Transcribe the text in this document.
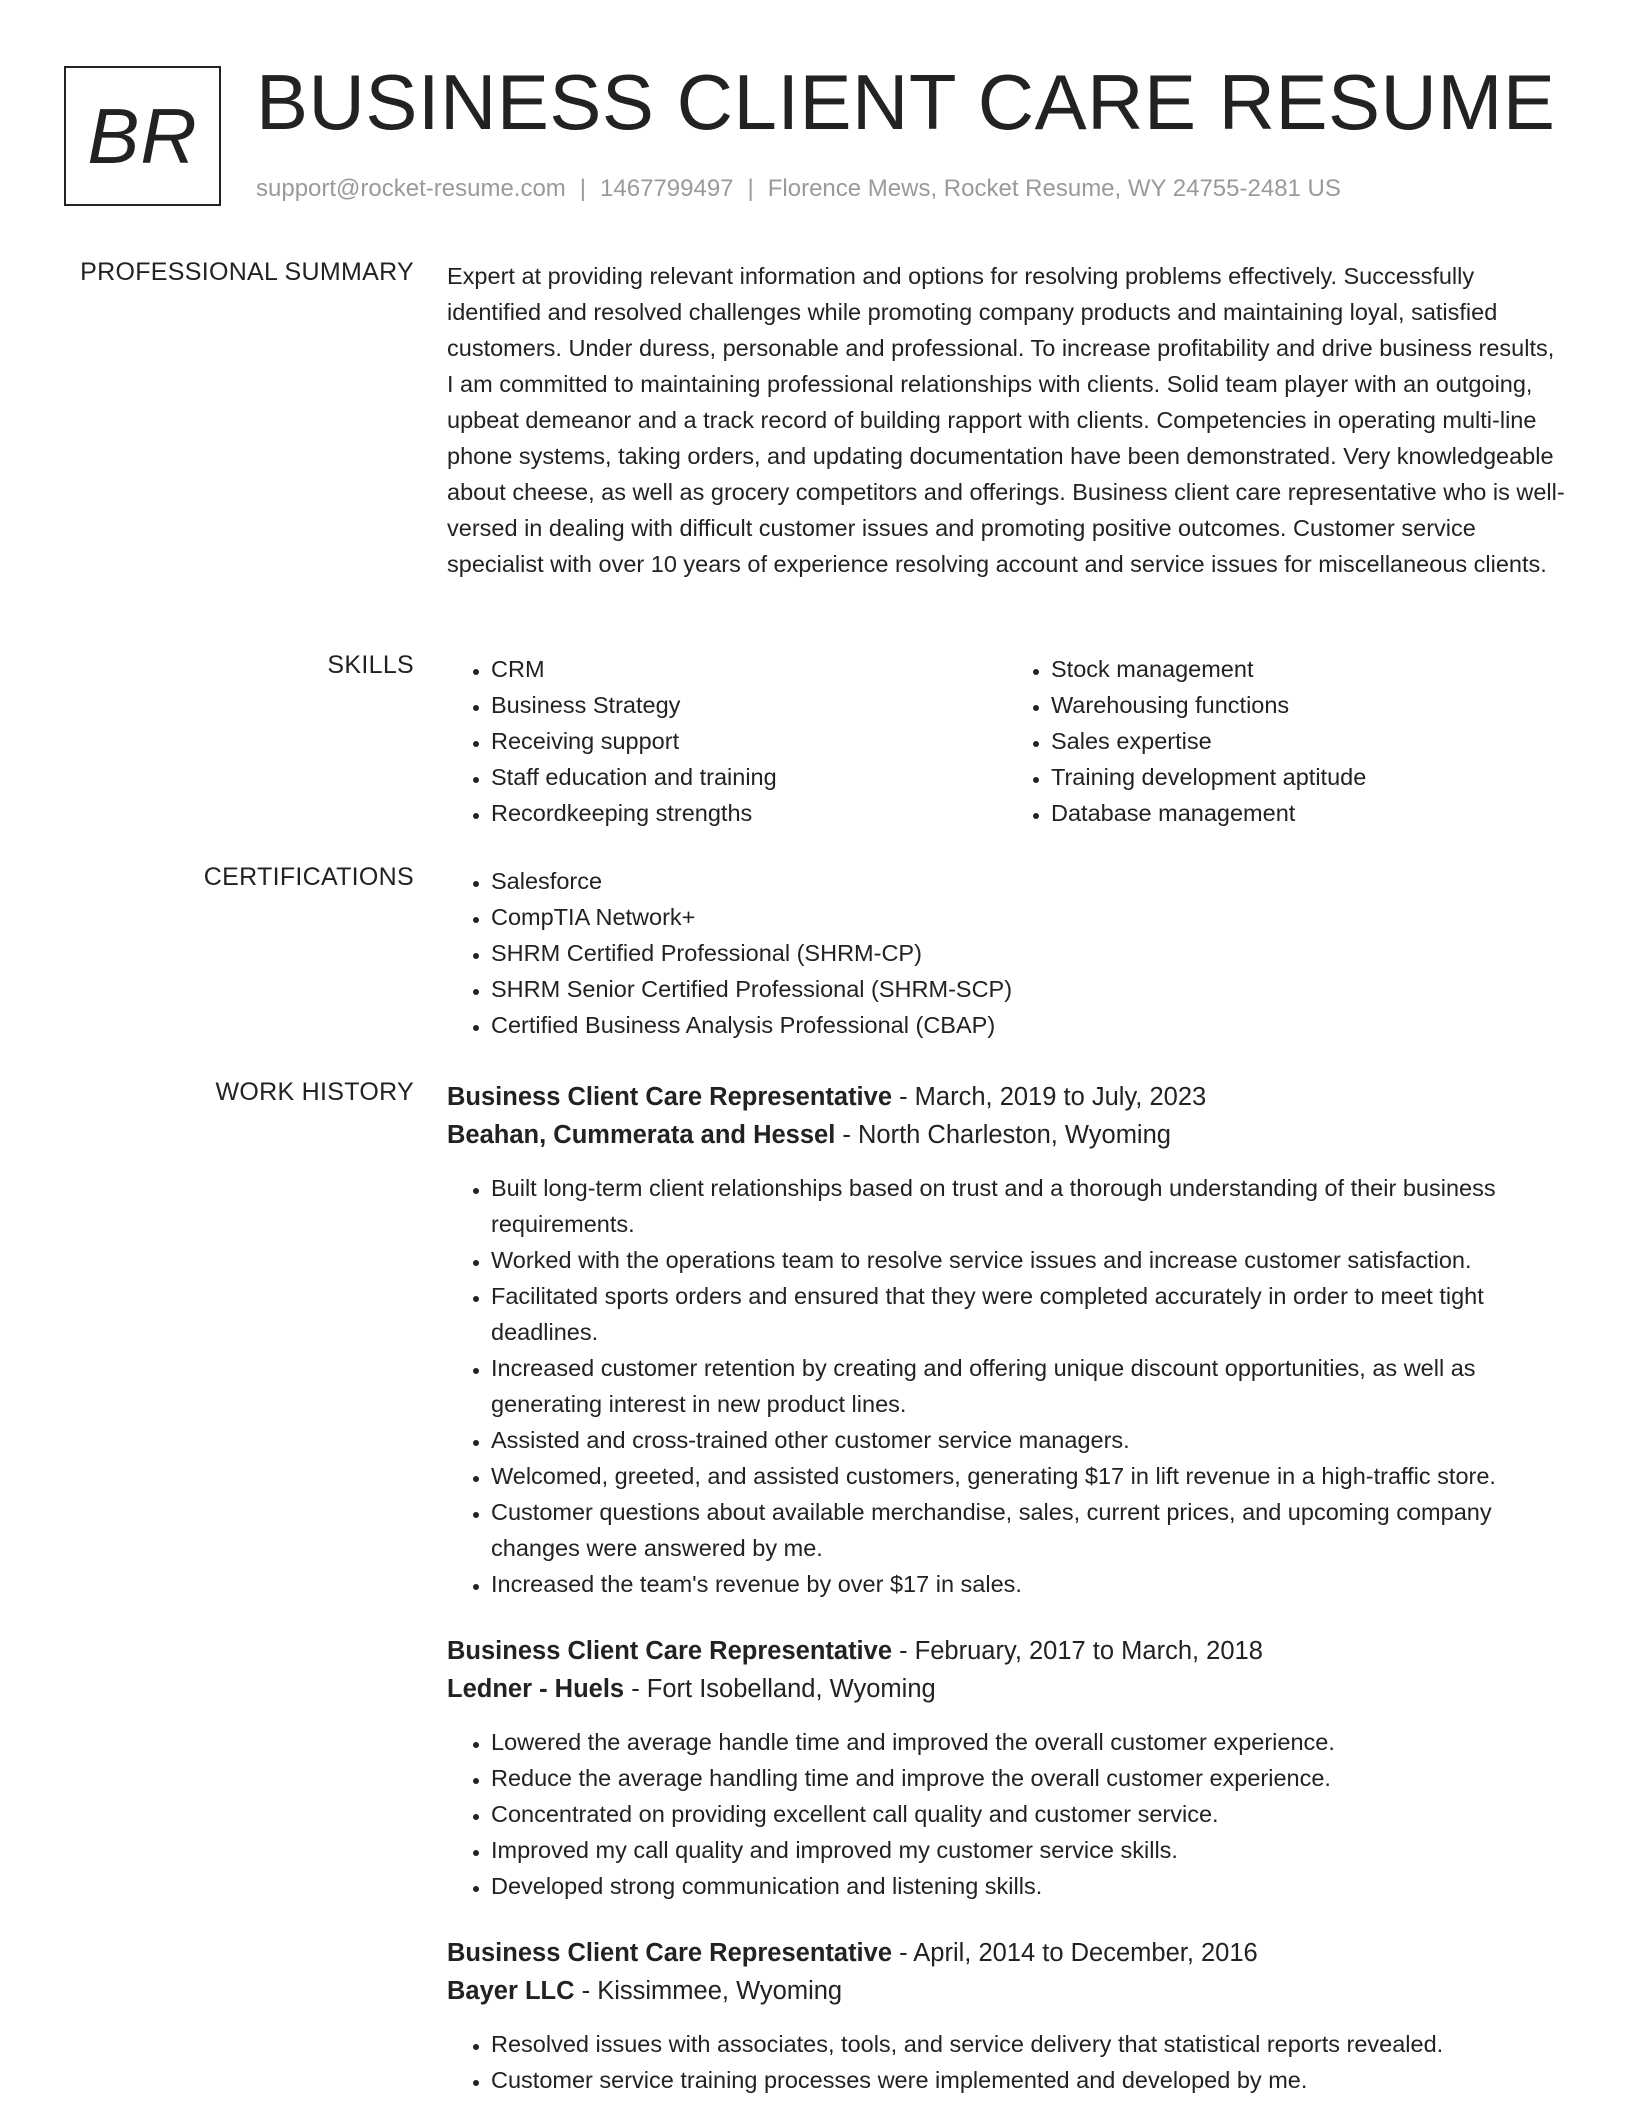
BR BUSINESS CLIENT CARE RESUME
support@rocket-resume.com | 1467799497 | Florence Mews, Rocket Resume, WY 24755-2481 US
PROFESSIONAL SUMMARY Expert at providing relevant information and options for resolving problems effectively. Successfully identified and resolved challenges while promoting company products and maintaining loyal, satisfied customers. Under duress, personable and professional. To increase profitability and drive business results, I am committed to maintaining professional relationships with clients. Solid team player with an outgoing, upbeat demeanor and a track record of building rapport with clients. Competencies in operating multi-line phone systems, taking orders, and updating documentation have been demonstrated. Very knowledgeable about cheese, as well as grocery competitors and offerings. Business client care representative who is well-versed in dealing with difficult customer issues and promoting positive outcomes. Customer service specialist with over 10 years of experience resolving account and service issues for miscellaneous clients.

SKILLS	• CRM
• Business Strategy
• Receiving support
• Staff education and training
• Recordkeeping strengths
• Stock management
• Warehousing functions
• Sales expertise
• Training development aptitude
• Database management
CERTIFICATIONS	• Salesforce
• CompTIA Network+
• SHRM Certified Professional (SHRM-CP)
• SHRM Senior Certified Professional (SHRM-SCP)
• Certified Business Analysis Professional (CBAP)
WORK HISTORY Business Client Care Representative - March, 2019 to July, 2023
Beahan, Cummerata and Hessel - North Charleston, Wyoming
• Built long-term client relationships based on trust and a thorough understanding of their business requirements.
• Worked with the operations team to resolve service issues and increase customer satisfaction.
• Facilitated sports orders and ensured that they were completed accurately in order to meet tight deadlines.
• Increased customer retention by creating and offering unique discount opportunities, as well as generating interest in new product lines.
• Assisted and cross-trained other customer service managers.
• Welcomed, greeted, and assisted customers, generating $17 in lift revenue in a high-traffic store.
• Customer questions about available merchandise, sales, current prices, and upcoming company changes were answered by me.
• Increased the team's revenue by over $17 in sales.
Business Client Care Representative - February, 2017 to March, 2018
Ledner - Huels - Fort Isobelland, Wyoming
• Lowered the average handle time and improved the overall customer experience.
• Reduce the average handling time and improve the overall customer experience.
• Concentrated on providing excellent call quality and customer service.
• Improved my call quality and improved my customer service skills.
• Developed strong communication and listening skills.
Business Client Care Representative - April, 2014 to December, 2016
Bayer LLC - Kissimmee, Wyoming
• Resolved issues with associates, tools, and service delivery that statistical reports revealed.
• Customer service training processes were implemented and developed by me.
